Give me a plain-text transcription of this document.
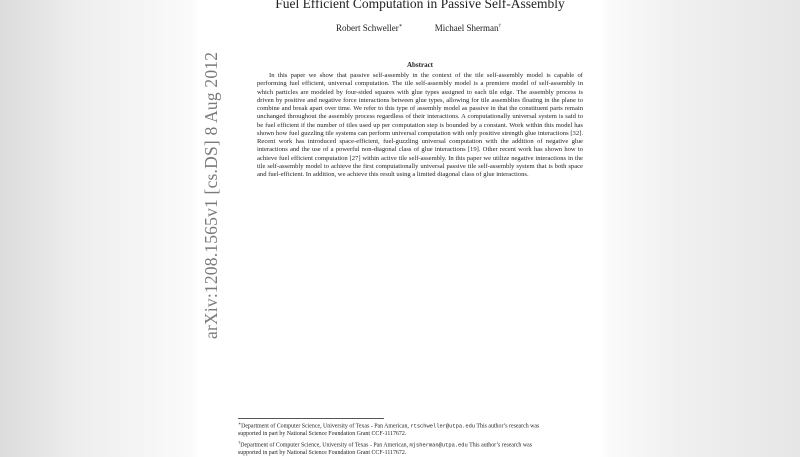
arXiv:1208.1565v1 [cs.DS] 8 Aug 2012
Fuel Efficient Computation in Passive Self-Assembly
Robert Schweller∗	Michael Sherman†
Abstract

In this paper we show that passive self-assembly in the context of the tile self-assembly model is capable of performing fuel efficient, universal computation. The tile self-assembly model is a premiere model of self-assembly in which particles are modeled by four-sided squares with glue types assigned to each tile edge. The assembly process is driven by positive and negative force interactions between glue types, allowing for tile assemblies floating in the plane to combine and break apart over time. We refer to this type of assembly model as passive in that the constituent parts remain unchanged throughout the assembly process regardless of their interactions. A computationally universal system is said to be fuel efficient if the number of tiles used up per computation step is bounded by a constant. Work within this model has shown how fuel guzzling tile systems can perform universal computation with only positive strength glue interactions [32]. Recent work has introduced space-efficient, fuel-guzzling universal computation with the addition of negative glue interactions and the use of a powerful non-diagonal class of glue interactions [19]. Other recent work has shown how to achieve fuel efficient computation [27] within active tile self-assembly. In this paper we utilize negative interactions in the tile self-assembly model to achieve the first computationally universal passive tile self-assembly system that is both space and fuel-efficient. In addition, we achieve this result using a limited diagonal class of glue interactions.

∗Department of Computer Science, University of Texas - Pan American, rtschweller@utpa.edu This author’s research was

supported in part by National Science Foundation Grant CCF-1117672.

†Department of Computer Science, University of Texas - Pan American, mjsherman@utpa.edu This author’s research was

supported in part by National Science Foundation Grant CCF-1117672.
